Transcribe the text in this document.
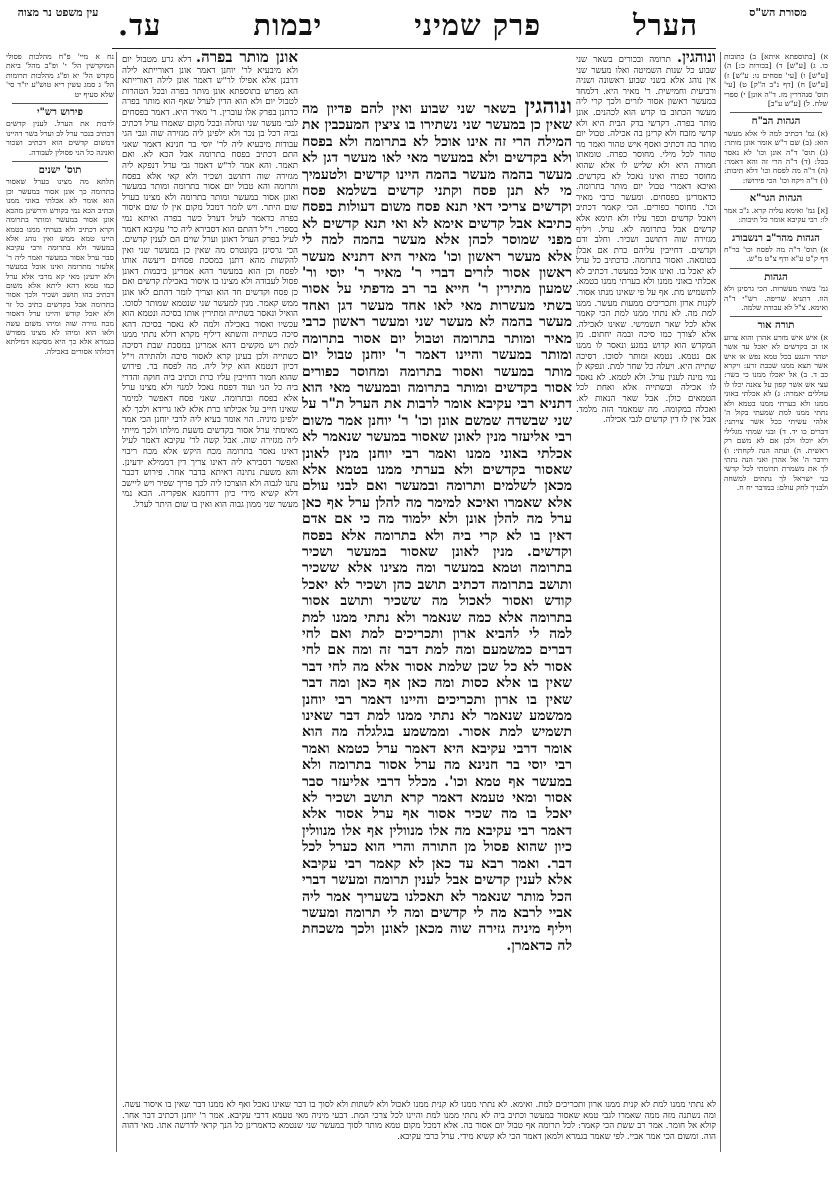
עין משפט נר מצוה	הערל
פרק שמיני
יבמות
עד.	מסורת הש"ס
נח א מיי' פ"ח מהלכות פסולי המוקדשין הל' י' ופ"ב מהל' ביאת מקדש הל' יא ופ"ג מהלכות תרומות הל' ג סמג עשין ריא טוש"ע יו"ד סי' שלא סעיף יט
פירוש רש"י
לרבות את הערל. לענין קדשים דכתיב בנכר ערל לב וערל בשר דהיינו דמשום קדשים הוא דכתיב ושכור ואנינה כל הני פסולין לעבודה.
תוס' ישנים
תלתא מה מצינו בערל שאסור בתרומה כך אונן אסור במעשר וכן הוא אומר לא אכלתי באוני ממנו וכתיב הכא נמי בקודש ודרשינן מהכא אונן אסור במעשר ומותר בתרומה וקרא דכתיב ולא בערתי ממנו בטמא היינו טמא ממש ואין נוהג אלא במעשר ולא בתרומה ורבי עקיבא סבר ערל אסור במעשר ואמר ליה ר' אלעזר מתרומה ואינו אוכל במעשר ולא ידעינן מאי קא מרבי אלא ערל כמו טמא דהא ליתא אלא משום דכתיב בהו תושב ושכיר ולכך אסור בתרומה אבל בקדשים כתיב כל זר ולא יאכל קודש והיינו ערל דאסור מכח גזירה שוה ומיהו משום עשה ולאו הוא ומיהו לא מצינו מפורש בגמרא אלא כך היא מסקנא דמילתא דכולהו אסורים באכילה.
אונן מותר בפרה. דלא גרע מטבול יום ולא מיבעיא לר' יוחנן דאמר אונן דאורייתא לילה דרבנן אלא אפילו לר"ש דאמר אונן לילה דאורייתא הא מפרש בתוספתא אונן מותר בפרה ובכל הטהרות לטבול יום ולא הוא הדין לערל שאף הוא מותר בפרה כדתנן בפרק אלו עוברין. ר' מאיר היא. דאמר בפסחים לגבי מעשר שני ונחלה ובכל מקום שאמרו ערל דכתיב גביה דכל בן נכר ולא ילפינן ליה מגזירה שוה וגבי הגי עבודות מיבעיא ליה לר' יוסי בר חנינא דאמר שאני התם דכתיב בפסח בתרומה אבל הכא לא. ואם תאמר. והא אמר לר"ש דאמר גבי ערל דנפקא ליה מגזירה שוה דתושב ושכיר ולא קאי אלא בפסח ותרומה והא טבול יום אסור בתרומה ומותר במעשר ואונן אסור במעשר ומותר בתרומה ולא מצינו בערל שום היתר. ויש לומר דמכל מקום אין לו שום איסור בפרה כדאמר לעיל דערל כשר בפרה ואיתא נמי בספרי. וי"ל דהתם הוא דסבירא ליה כר' עקיבא דאמר לעיל בפרק הערל דאונן וערל שוים הם לענין קדשים. הכי גרסינן בקונטרס מה שאין כן במעשר שני ואין להקשות מהא דתנן במסכת פסחים דיעשה אותו לפסח וכן הוא במעשר דהא אמרינן ביבמות דאונן פסול לעבודה ולא מצינו בו איסור באכילת קדשים ואם כן פסח וקדשים חד הוא וצריך לומר דהתם לאו אונן ממש קאמר. מנין למעשר שני שנטמא שמותר לסוכו. הואיל ונאסר בשתייה ומתירין אותו בסיכה ונטמא הוא עכשיו ואסור באכילה ולמה לא נאסר בסיכה דהא סיכה כשתייה והשתא דיליף מקרא דולא נתתי ממנו למת ויש מקשים דהא אמרינן במסכת שבת דסיכה כשתייה ולכן בעינן קרא לאסור סיכה ולהתירה וי"ל דכיון דנטמא הוא קיל ליה. מה לפסח בר. פירוש שהוא חמור דחייבין עליו כרת וכתיב ביה חוקה והדרי ביה כל הני ועוד דפסח נאכל למנוי ולא מצינו ערל אלא בפסח ובתרומה. שאני פסח דאפשר למימר שאינו חייב על אכילתו כרת אלא לאו גרידא ולכך לא ילפינן מיניה. הוי אומר בעיא ליה לרבי יוחנן הכי אמר מאימתי ערל אסור בקדשים משעת מילתו ולכך מייתי ליה מגזירה שוה. אבל קשה לר' עקיבא דאמר לעיל דאינו נאסר בתרומה מכח היקש אלא מכח ריבוי ואפשר דסבירא ליה דאינו צריך דין דממילא ידעינן. והא משעת נתינה דאיתא בדבר אחר. פירוש דכבר נתנו לגבוה ולא הוצרכו ליה לכך פריך שפיר ויש ליישב דלא קשיא מידי כיון דרחמנא אפקריה. הכא נמי מעשר שני ממון גבוה הוא ואין בו שום היתר לערל.
ונוהגין בשאר שני שבוע ואין להם פדיון מה שאין כן במעשר שני נשתירו בו ציצין המעכבין את המילה הרי זה אינו אוכל לא בתרומה ולא בפסח ולא בקדשים ולא במעשר מאי לאו מעשר דגן לא מעשר בהמה מעשר בהמה היינו קדשים ולטעמיך מי לא תנן פסח וקתני קדשים בשלמא פסח וקדשים צריכי דאי תנא פסח משום דעולות בפסח כתיבא אבל קדשים אימא לא ואי תנא קדשים לא מפני שמוסר לכהן אלא מעשר בהמה למה לי אלא מעשר ראשון וכו' מאיר היא דתניא מעשר ראשון אסור לזרים דברי ר' מאיר ר' יוסי ור' שמעון מתירין ר' חייא בר רב מדפתי על אסור בשתי מעשרות מאי לאו אחד מעשר דגן ואחד מעשר בהמה לא מעשר שני ומעשר ראשון כרבי מאיר ומותר בתרומה וטבול יום אסור בתרומה ומותר במעשר והיינו דאמר ר' יוחנן טבול יום מותר במעשר ואסור בתרומה ומחוסר כפורים אסור בקדשים ומותר בתרומה ובמעשר מאי הוא דתניא רבי עקיבא אומר לרבות את הערל ת"ר על שני שבשדה שמשם אונן וכו' ר' יוחנן אמר משום רבי אליעזר מנין לאונן שאסור במעשר שנאמר לא אכלתי באוני ממנו ואמר רבי יוחנן מנין לאונן שאסור בקדשים ולא בערתי ממנו בטמא אלא מכאן לשלמים ותרומה ובמעשר ואם לבני עולם אלא שאמרו ואיכא למימר מה להלן ערל אף כאן ערל מה להלן אונן ולא ילמוד מה כי אם אדם דאין בו לא קרי ביה ולא בתרומה אלא בפסח וקדשים. מנין לאונן שאסור במעשר ושכיר בתרומה וטמא במעשר ומה מצינו אלא ששכיר ותושב בתרומה דכתיב תושב כהן ושכיר לא יאכל קודש ואסור לאכול מה ששכיר ותושב אסור בתרומה אלא כמה שנאמר ולא נתתי ממנו למת למה לי להביא ארון ותכריכים למת ואם לחי דברים כמשמעם ומה למת דבר זה ומה אם לחי אסור לא כל שכן שלמת אסור אלא מה לחי דבר שאין בו אלא כסות ומה כאן אף כאן ומה דבר שאין בו ארון ותכריכים והיינו דאמר רבי יוחנן ממשמע שנאמר לא נתתי ממנו למת דבר שאינו תשמיש למת אסור. וממשמע בגלגלה מה הוא אומר דרבי עקיבא היא דאמר ערל כטמא ואמר רבי יוסי בר חנינא מה ערל אסור בתרומה ולא במעשר אף טמא וכו'. מכלל דרבי אליעזר סבר אסור ומאי טעמא דאמר קרא תושב ושכיר לא יאכל בו מה שכיר אסור אף ערל אסור אלא דאמר רבי עקיבא מה אלו מנוולין אף אלו מנוולין כיון שהוא פסול מן התורה והרי הוא כערל לכל דבר. ואמר רבא עד כאן לא קאמר רבי עקיבא אלא לענין קדשים אבל לענין תרומה ומעשר דברי הכל מותר שנאמר לא תאכלנו בשעריך אמר ליה אביי לרבא מה לי קדשים ומה לי תרומה ומעשר ויליף מיניה גזירה שוה מכאן לאונן ולכך משכחת לה כדאמרן.
ונוהגין. תרומה ובכורים בשאר שני שבוע כל שנות השמיטה ואלו מעשר שני אין נוהג אלא בשני שבוע ראשונה ושניה ורביעית וחמישית. ר' מאיר היא. דלמחד במעשר ראשון אסור לזרים ולכך קרי ליה מעשר הכתוב בו קדש הוא לכהנים. אונן מותר בפרה. דקדשי בדק הבית היא ולא קדשי מזבח ולא קרינן בה אכילה. טבול יום מותר בה דכתיב ואסף איש טהור ואמר מר טהור לכל מילי. מחוסר כפרה. טומאתו חמורה היא ולא שליש לו אלא שהוא מחוסר כפרה ואינו נאכל לא בקדשים. ואיכא דאמרי טבול יום מותר בתרומה. כדאמרינן בפסחים. ומעשר כרבי מאיר וכו'. מחוסר כפורים. הכי קאמר דכתיב ויאכל קדשים וכפר עליו ולא תימא אלא קדשים אבל בתרומה לא. ערל. ויליף מגזירה שוה דתושב ושכיר. וחלב ודם וקדשים. דחייבין עליהם כרת אם אכלן בטומאה. ואסור בתרומה. כדכתיב כל ערל לא יאכל בו. ואינו אוכל במעשר. דכתיב לא אכלתי באוני ממנו ולא בערתי ממנו בטמא. לתשמיש מת. אף על פי שאינו מנתו אסור. לקנות ארון ותכריכים ממעות מעשר. ממנו למת מה. לא נתתי ממנו למת הכי קאמר אלא לכל שאר תשמישי. שאינו לאכילה. אלא לצורך כמו סיכה ובמה יחתום. מן המקדש הוא קדוש במגע ונאסר לו ממנו אם נטמא. נטמא ומותר לסוכו. דסיכה שתייה היא. ויעלה כל שחר למת. ונפקא לן נמי מינה לענין ערל. ולא לטמא. לא נאסר לו אכילה ובשתייה אלא ואחת לכל הטמאים כולן. אבל שאר הנאות לא. ואכלה במקומה. מה שמאמר הזה מלמד. אבל אין לו דין קדשים לגבי אכילה.
א) [בתוספתא איתא] ב) כתובות כו. ג) [ע"ש] ד) [בכורות כ:] ה) [ע"ש] ו) [עי' פסחים נו: ע"ש] ז) [ע"ש] ח) [דף נ"ב ה"ק] ט) [עי' תוס' סנהדרין מז. ד"ה אונן] י) ספרי שלח. ל) [ע"ש ע"ב]
הגהות הב"ח
(א) גמ' דכתיב למה לי אלא מעשר הוא: (ב) שם ר"ש אומר אונן מותר: (ג) תוס' ד"ה אונן וכו' לא נאסר בכל: (ד) ד"ה הרי זה והא דאמר: (ה) ד"ה מה לפסח וכו' דלא תיבות: (ו) ד"ה ויקח וכו' הכי פירושו:
הגהות הגר"א
[א] גמ' ואימא עליה קרא. נ"ב אמר לו: רבי עקיבא אומר כל תיבות:
הגהות מהר"ב רנשבורג
א) תוס' ד"ה מה לפסח וכו' בר"ח דף ק"ט ע"א ודף צ"ט מ"ש.
הגהות
גמ' בשתי מעשרות. הכי גרסינן ולא הוו. דתניא שריפה. רש"י ד"ה ואימא. צ"ל לא עבודה שלמה.
תורה אור
א) איש איש מזרע אהרן והוא צרוע או זב בקדשים לא יאכל עד אשר יטהר והנגע בכל טמא נפש או איש אשר תצא ממנו שכבת זרע: ויקרא כב ד. ב) אל יאכלו ממנו כי בשר: עצי אש אשר קפון על צאנה יכלו לו עוללים יאמרה: ג) לא אכלתי באוני ממנו ולא בערתי ממנו בטמא ולא נתתי ממנו למת שמעתי בקול ה' אלהי עשיתי ככל אשר צויתני: דברים כו יד. ד) ובני שמתי מגלילי ולא יוכלו ולכן אם לא משם רק ראשית. ה) ועתה הנה לקחתי: ו) וידבר ה' אל אהרן ואני הנה נתתי לך את משמרת תרומתי לכל קדשי בני ישראל לך נתתים למשחה ולבניך לחק עולם: במדבר יח ח.
לא נתתי ממנו למת לא קנית ממנו ארון ותכריכים למת. ואימא. לא נתתי ממנו לא קנית ממנו לאכול ולא לשתות ולא לסוך בו דבר שאינו נאכל ואף לא ממנו דבר שאין בו איסור עשה. ומה נשתנה מזה ממה שאמרו לגבי טמא שאסור במעשר וכתיב ביה לא נתתי ממנו למת והיינו לכל צרכי המת. דבעי מיניה מאי טעמא דרבי עקיבא. אמר ר' יוחנן דכתיב דבר אחר. קולא אל חומר. אמר רב ששת הכי קאמר: לכל תרומה אף טבול יום אסור בה. אלא דמכל מקום טמא מותר לסוך במעשר שני שנטמא כדאמרינן כל הנך קראי לדרשה אתו. מאי דהוה הוה. ומשום הכי אמר אביי. לפי שאמר בגמרא ולמאן דאמר הכי לא קשיא מידי. ערל כרבי עקיבא.
